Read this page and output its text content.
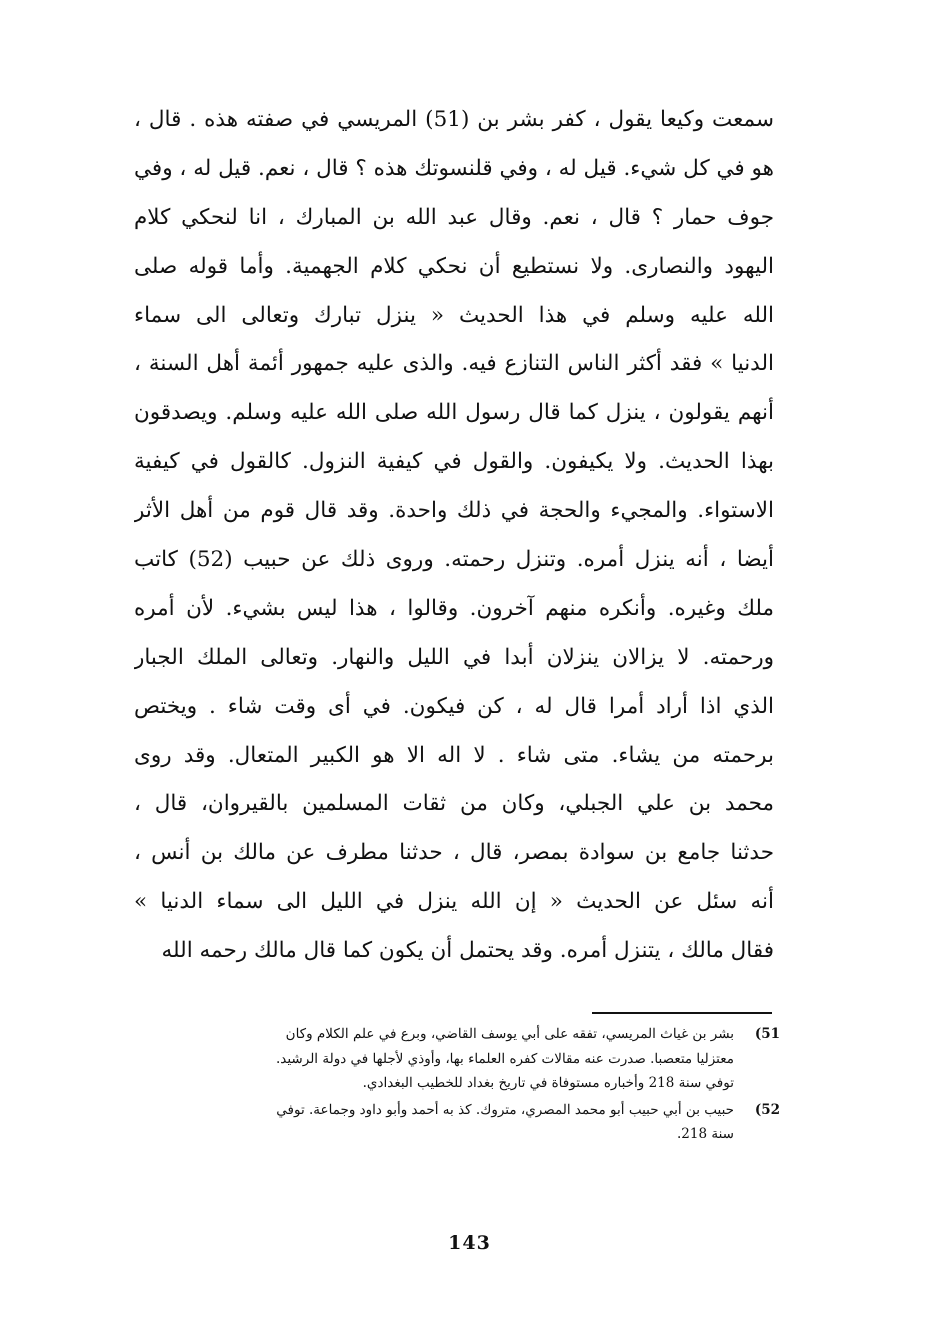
سمعت وكيعا يقول ، كفر بشر بن (51) المريسي في صفته هذه . قال ،
هو في كل شيء. قيل له ، وفي قلنسوتك هذه ؟ قال ، نعم. قيل له ، وفي
جوف حمار ؟ قال ، نعم. وقال عبد الله بن المبارك ، انا لنحكي كلام
اليهود والنصارى. ولا نستطيع أن نحكي كلام الجهمية. وأما قوله صلى
الله عليه وسلم في هذا الحديث « ينزل تبارك وتعالى الى سماء
الدنيا » فقد أكثر الناس التنازع فيه. والذى عليه جمهور أئمة أهل السنة ،
أنهم يقولون ، ينزل كما قال رسول الله صلى الله عليه وسلم. ويصدقون
بهذا الحديث. ولا يكيفون. والقول في كيفية النزول. كالقول في كيفية
الاستواء. والمجيء والحجة في ذلك واحدة. وقد قال قوم من أهل الأثر
أيضا ، أنه ينزل أمره. وتنزل رحمته. وروى ذلك عن حبيب (52) كاتب
ملك وغيره. وأنكره منهم آخرون. وقالوا ، هذا ليس بشيء. لأن أمره
ورحمته. لا يزالان ينزلان أبدا في الليل والنهار. وتعالى الملك الجبار
الذي اذا أراد أمرا قال له ، كن فيكون. في أى وقت شاء . ويختص
برحمته من يشاء. متى شاء . لا اله الا هو الكبير المتعال. وقد روى
محمد بن علي الجبلي، وكان من ثقات المسلمين بالقيروان، قال ،
حدثنا جامع بن سوادة بمصر، قال ، حدثنا مطرف عن مالك بن أنس ،
أنه سئل عن الحديث « إن الله ينزل في الليل الى سماء الدنيا »
فقال مالك ، يتنزل أمره. وقد يحتمل أن يكون كما قال مالك رحمه الله
(51
بشر بن غياث المريسي، تفقه على أبي يوسف القاضي، وبرع في علم الكلام وكان
معتزليا متعصبا. صدرت عنه مقالات كفره العلماء بها، وأوذي لأجلها في دولة الرشيد.
توفي سنة 218 وأخباره مستوفاة في تاريخ بغداد للخطيب البغدادي.
(52
حبيب بن أبي حبيب أبو محمد المصري، متروك. كذ به أحمد وأبو داود وجماعة. توفي
سنة 218.
143
